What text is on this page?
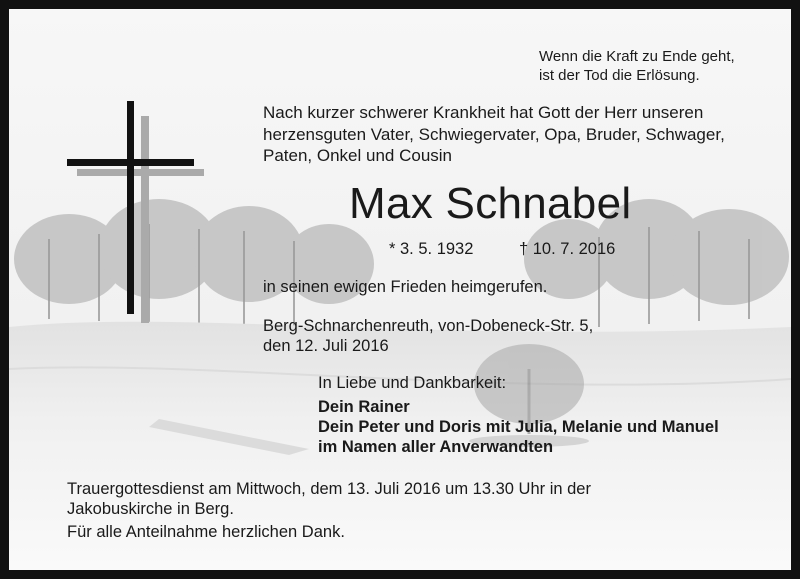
Wenn die Kraft zu Ende geht,
ist der Tod die Erlösung.
Nach kurzer schwerer Krankheit hat Gott der Herr unseren
herzensguten Vater, Schwiegervater, Opa, Bruder, Schwager,
Paten, Onkel und Cousin
Max Schnabel
* 3. 5. 1932	† 10. 7. 2016
in seinen ewigen Frieden heimgerufen.
Berg-Schnarchenreuth, von-Dobeneck-Str. 5,
den 12. Juli 2016
In Liebe und Dankbarkeit:
Dein Rainer
Dein Peter und Doris mit Julia, Melanie und Manuel
im Namen aller Anverwandten
Trauergottesdienst am Mittwoch, dem 13. Juli 2016 um 13.30 Uhr in der
Jakobuskirche in Berg.
Für alle Anteilnahme herzlichen Dank.
